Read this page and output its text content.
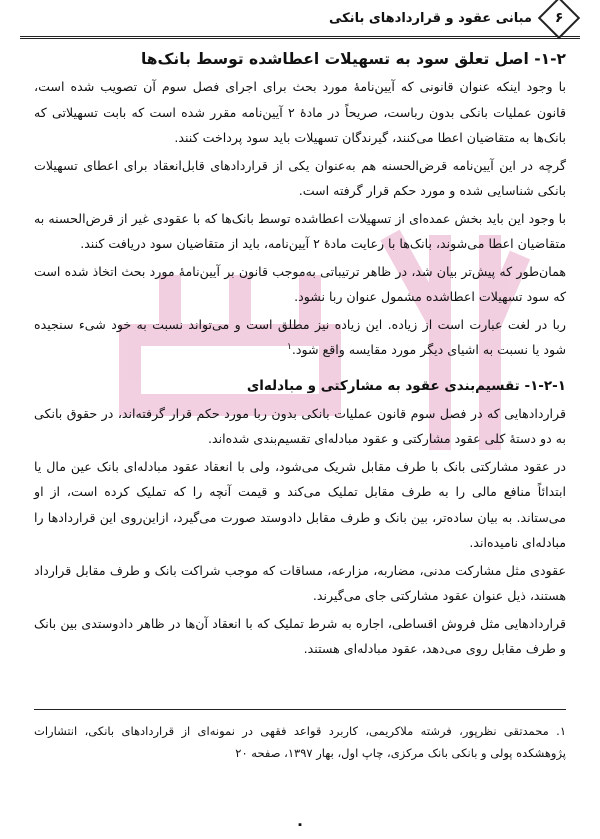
۶
مبانی عقود و قراردادهای بانکی
۱-۲- اصل تعلق سود به تسهیلات اعطاشده توسط بانک‌ها

با وجود اینکه عنوان قانونی که آیین‌نامهٔ مورد بحث برای اجرای فصل سوم آن تصویب شده است، قانون عملیات بانکی بدون رباست، صریحاً در مادهٔ ۲ آیین‌نامه مقرر شده است که بابت تسهیلاتی که بانک‌ها به متقاضیان اعطا می‌کنند، گیرندگان تسهیلات باید سود پرداخت کنند.

گرچه در این آیین‌نامه قرض‌الحسنه هم به‌عنوان یکی از قراردادهای قابل‌انعقاد برای اعطای تسهیلات بانکی شناسایی شده و مورد حکم قرار گرفته است.

با وجود این باید بخش عمده‌ای از تسهیلات اعطاشده توسط بانک‌ها که با عقودی غیر از قرض‌الحسنه به متقاضیان اعطا می‌شوند، بانک‌ها با رعایت مادهٔ ۲ آیین‌نامه، باید از متقاضیان سود دریافت کنند.

همان‌طور که پیش‌تر بیان شد، در ظاهر ترتیباتی به‌موجب قانون بر آیین‌نامهٔ مورد بحث اتخاذ شده است که سود تسهیلات اعطاشده مشمول عنوان ربا نشود.

ربا در لغت عبارت است از زیاده. این زیاده نیز مطلق است و می‌تواند نسبت به خود شیء سنجیده شود یا نسبت به اشیای دیگر مورد مقایسه واقع شود.$^۱$

۱-۲-۱- تقسیم‌بندی عقود به مشارکتی و مبادله‌ای

قراردادهایی که در فصل سوم قانون عملیات بانکی بدون ربا مورد حکم قرار گرفته‌اند، در حقوق بانکی به دو دستهٔ کلی عقود مشارکتی و عقود مبادله‌ای تقسیم‌بندی شده‌اند.

در عقود مشارکتی بانک با طرف مقابل شریک می‌شود، ولی با انعقاد عقود مبادله‌ای بانک عین مال یا ابتدائاً منافع مالی را به طرف مقابل تملیک می‌کند و قیمت آنچه را که تملیک کرده است، از او می‌ستاند. به بیان ساده‌تر، بین بانک و طرف مقابل دادوستد صورت می‌گیرد، ازاین‌روی این قراردادها را مبادله‌ای نامیده‌اند.

عقودی مثل مشارکت مدنی، مضاربه، مزارعه، مساقات که موجب شراکت بانک و طرف مقابل قرارداد هستند، ذیل عنوان عقود مشارکتی جای می‌گیرند.

قراردادهایی مثل فروش اقساطی، اجاره به شرط تملیک که با انعقاد آن‌ها در ظاهر دادوستدی بین بانک و طرف مقابل روی می‌دهد، عقود مبادله‌ای هستند.

۱. محمدتقی نظرپور، فرشته ملاکریمی، کاربرد قواعد فقهی در نمونه‌ای از قراردادهای بانکی، انتشارات پژوهشکده پولی و بانکی بانک مرکزی، چاپ اول، بهار ۱۳۹۷، صفحه ۲۰
۰
